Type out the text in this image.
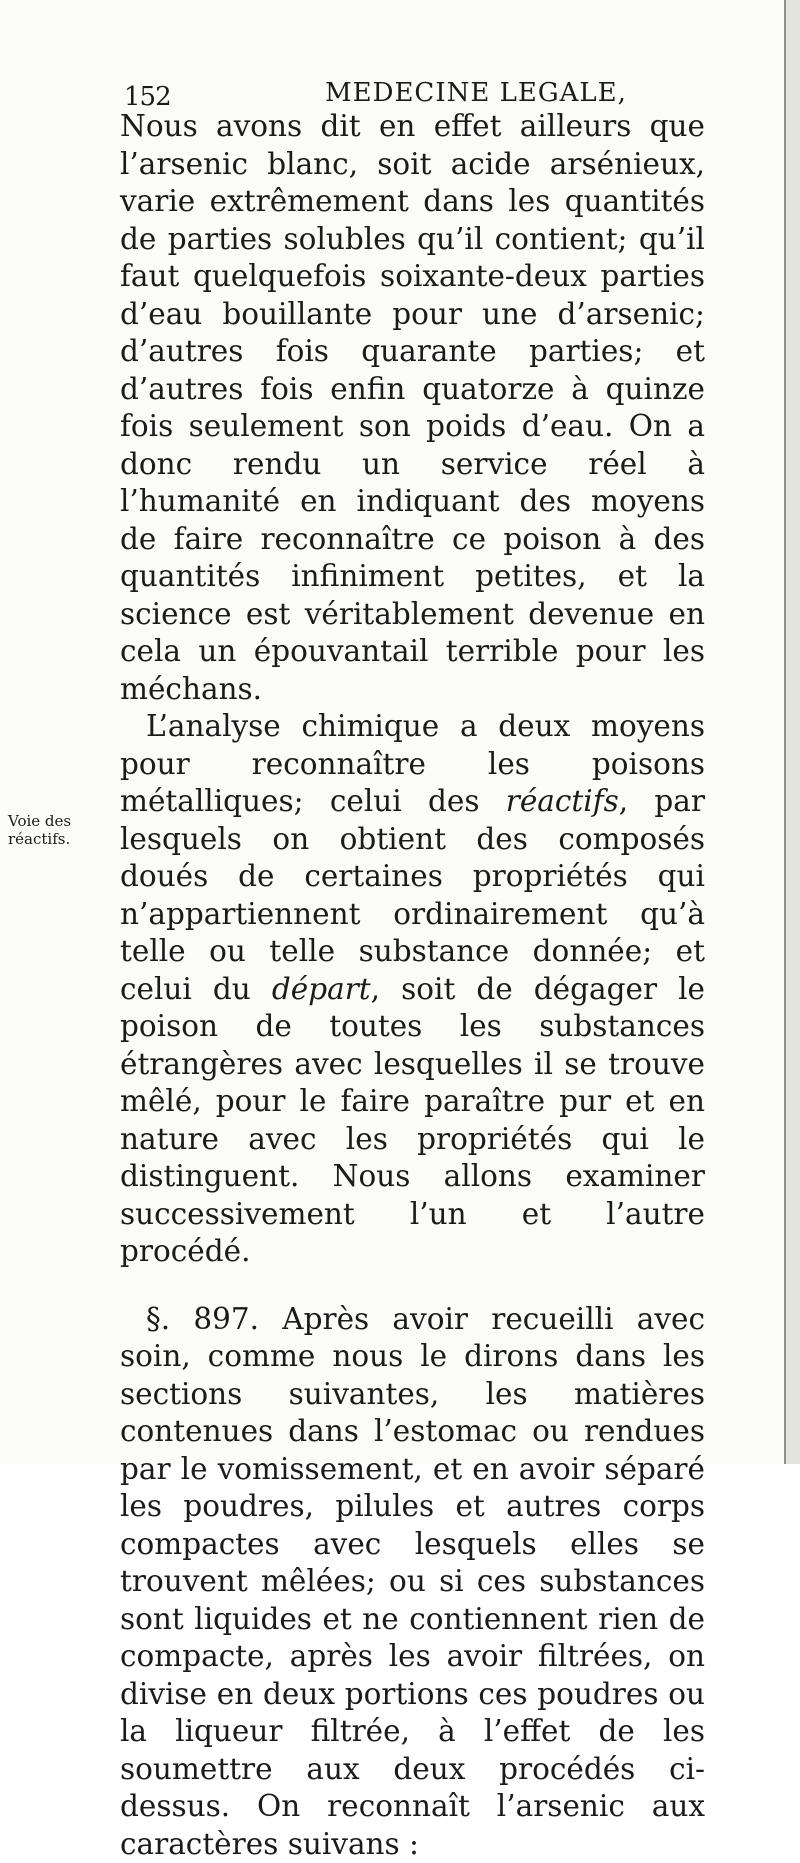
152	MEDECINE LEGALE,
Voie des réactifs.

Nous avons dit en effet ailleurs que l’arsenic blanc, soit acide arsénieux, varie extrêmement dans les quantités de parties solubles qu’il contient; qu’il faut quelquefois soixante-deux parties d’eau bouillante pour une d’arsenic; d’autres fois quarante parties; et d’autres fois enfin quatorze à quinze fois seulement son poids d’eau. On a donc rendu un service réel à l’humanité en indiquant des moyens de faire reconnaître ce poison à des quantités infiniment petites, et la science est véritablement devenue en cela un épouvantail terrible pour les méchans.

L’analyse chimique a deux moyens pour reconnaître les poisons métalliques; celui des réactifs, par lesquels on obtient des composés doués de certaines propriétés qui n’appartiennent ordinairement qu’à telle ou telle substance donnée; et celui du départ, soit de dégager le poison de toutes les substances étrangères avec lesquelles il se trouve mêlé, pour le faire paraître pur et en nature avec les propriétés qui le distinguent. Nous allons examiner successivement l’un et l’autre procédé.

§. 897. Après avoir recueilli avec soin, comme nous le dirons dans les sections suivantes, les matières contenues dans l’estomac ou rendues par le vomissement, et en avoir séparé les poudres, pilules et autres corps compactes avec lesquels elles se trouvent mêlées; ou si ces substances sont liquides et ne contiennent rien de compacte, après les avoir filtrées, on divise en deux portions ces poudres ou la liqueur filtrée, à l’effet de les soumettre aux deux procédés ci-dessus. On reconnaît l’arsenic aux caractères suivans :
